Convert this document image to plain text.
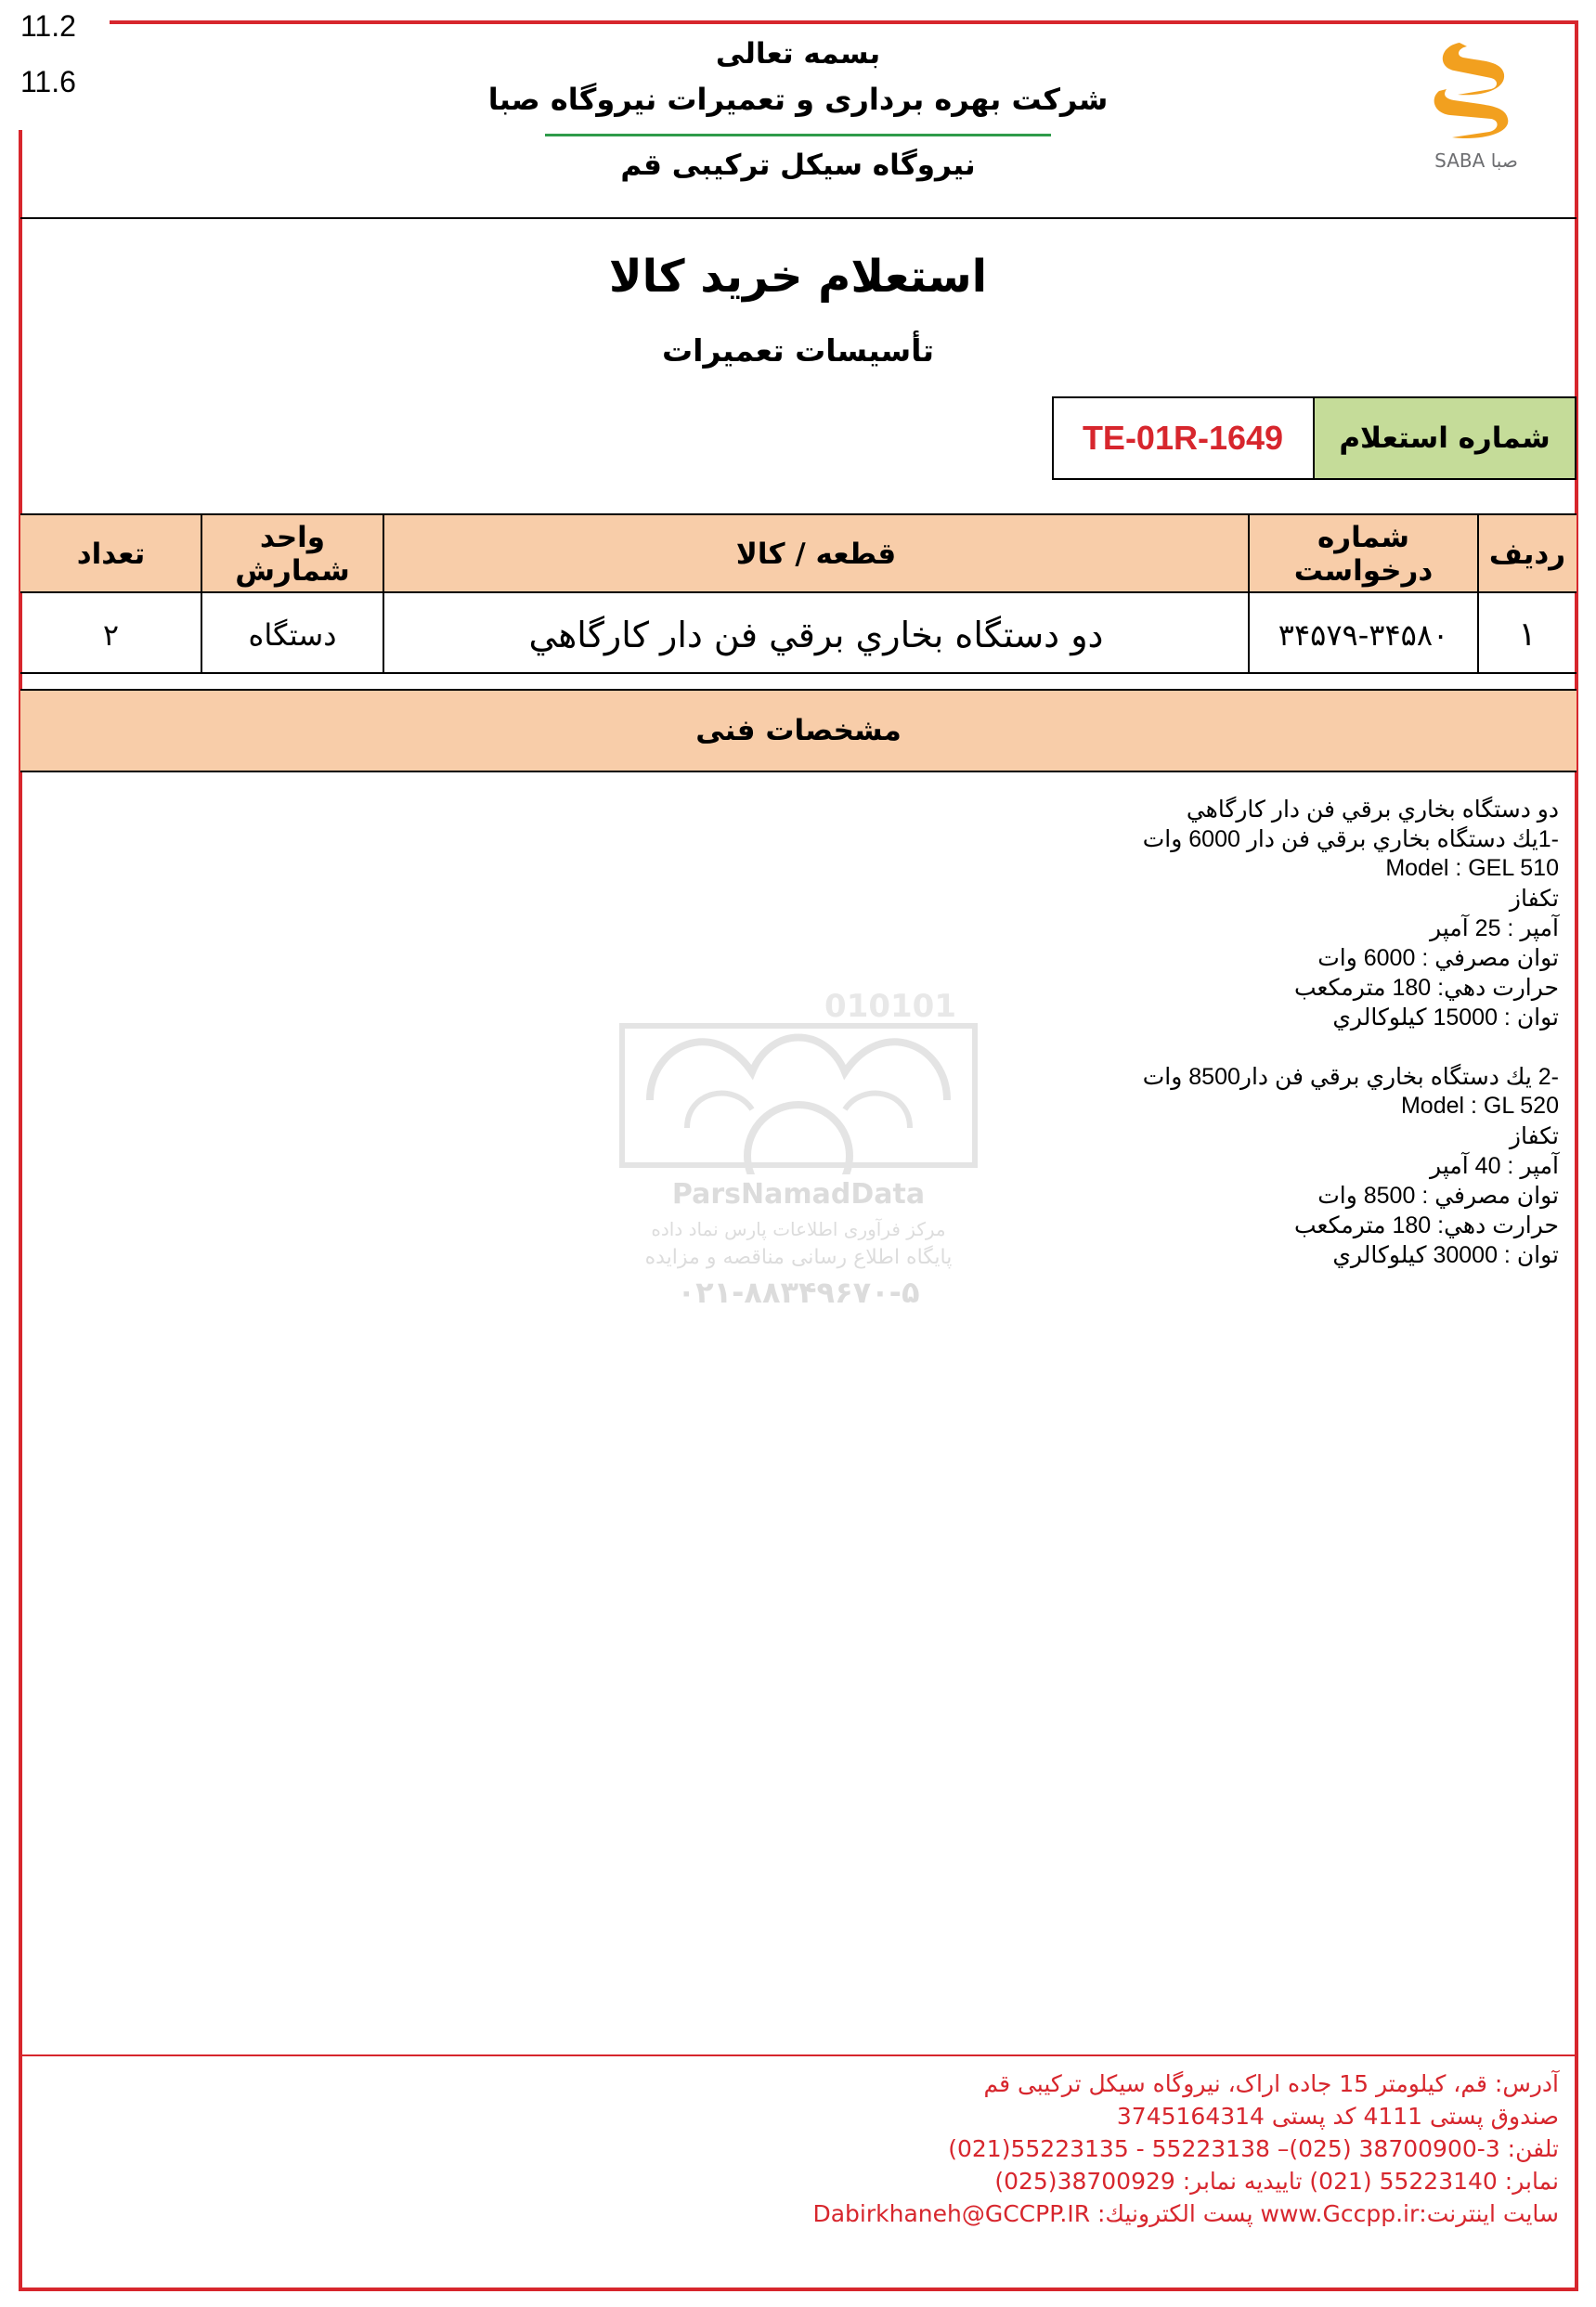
11.2
11.6
SABA صبا
بسمه تعالی
شرکت بهره برداری و تعمیرات نیروگاه صبا
نیروگاه سیکل ترکیبی قم
استعلام خرید کالا
تأسیسات تعمیرات
شماره استعلام
TE-01R-1649
ردیف
شماره درخواست
قطعه / کالا
واحد شمارش
تعداد
۱
۳۴۵۷۹-۳۴۵۸۰
دو دستگاه بخاري برقي فن دار كارگاهي
دستگاه
۲
مشخصات فنی
010101
ParsNamadData
مرکز فرآوری اطلاعات پارس نماد داده
پایگاه اطلاع رسانی مناقصه و مزایده
۰۲۱-۸۸۳۴۹۶۷۰-۵
دو دستگاه بخاري برقي فن دار كارگاهي
-1يك دستگاه بخاري برقي فن دار 6000 وات
Model : GEL 510
تكفاز
آمپر : 25 آمپر
توان مصرفي : 6000 وات
حرارت دهي: 180 مترمكعب
توان : 15000 كيلوكالري
-2 يك دستگاه بخاري برقي فن دار8500 وات
Model : GL 520
تكفاز
آمپر : 40 آمپر
توان مصرفي : 8500 وات
حرارت دهي: 180 مترمكعب
توان : 30000 كيلوكالري
آدرس: قم، کیلومتر 15 جاده اراک، نیروگاه سیکل ترکیبی قم
صندوق پستی 4111 کد پستی 3745164314
تلفن: 3-38700900 (025)– 55223138 - 55223135(021)
نمابر: 55223140 (021) تاییدیه نمابر: 38700929(025)
سایت اینترنت:www.Gccpp.ir پست الکترونیك: Dabirkhaneh@GCCPP.IR
